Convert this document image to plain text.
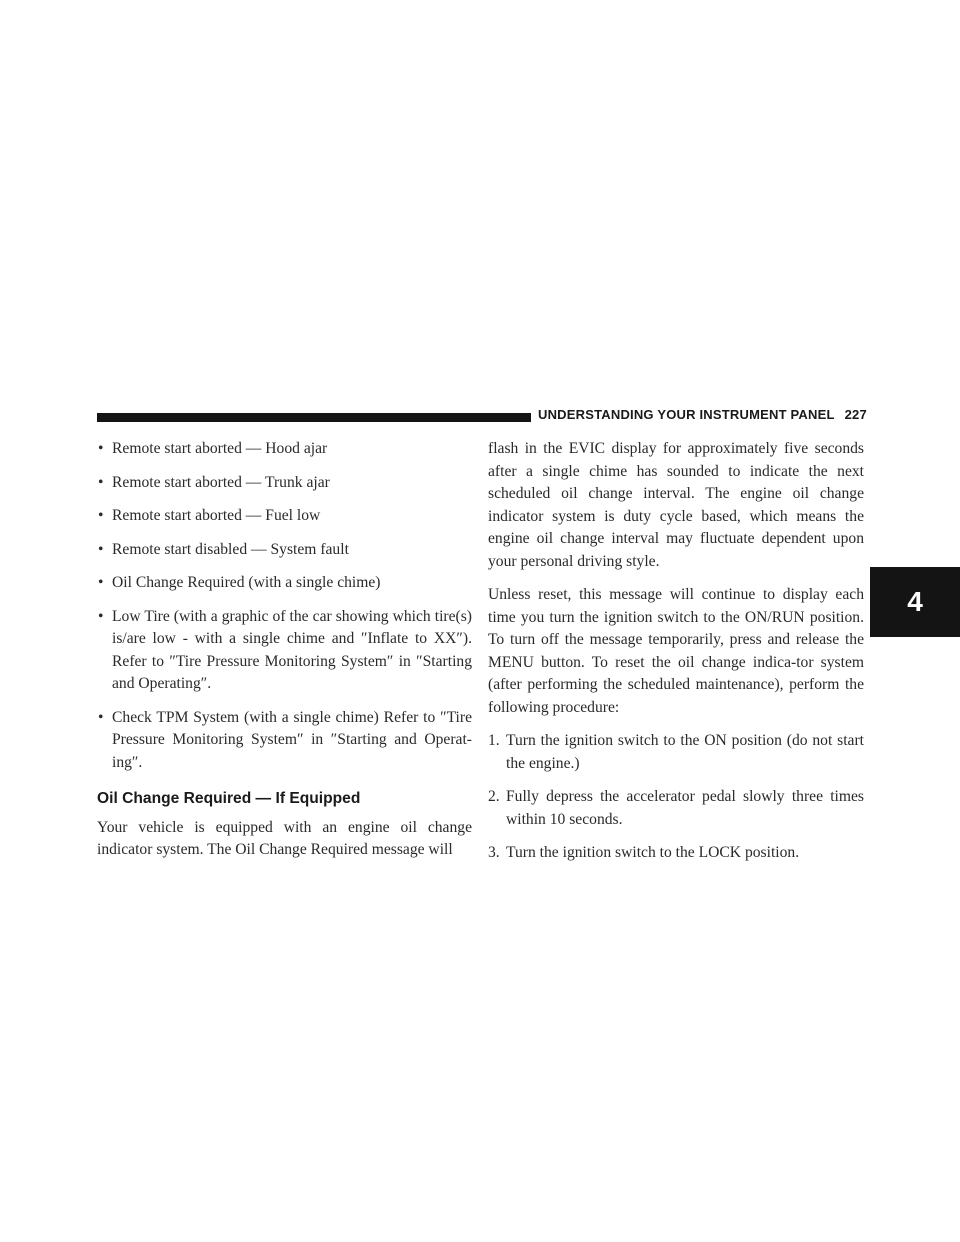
UNDERSTANDING YOUR INSTRUMENT PANEL 227
4
• Remote start aborted — Hood ajar
• Remote start aborted — Trunk ajar
• Remote start aborted — Fuel low
• Remote start disabled — System fault
• Oil Change Required (with a single chime)
• Low Tire (with a graphic of the car showing which tire(s) is/are low - with a single chime and ″Inflate to XX″). Refer to ″Tire Pressure Monitoring System″ in ″Starting and Operating″.
• Check TPM System (with a single chime) Refer to ″Tire Pressure Monitoring System″ in ″Starting and Operat-ing″.
Oil Change Required — If Equipped

Your vehicle is equipped with an engine oil change indicator system. The Oil Change Required message will

flash in the EVIC display for approximately five seconds after a single chime has sounded to indicate the next scheduled oil change interval. The engine oil change indicator system is duty cycle based, which means the engine oil change interval may fluctuate dependent upon your personal driving style.

Unless reset, this message will continue to display each time you turn the ignition switch to the ON/RUN position. To turn off the message temporarily, press and release the MENU button. To reset the oil change indica-tor system (after performing the scheduled maintenance), perform the following procedure:

1. Turn the ignition switch to the ON position (do not start the engine.)
2. Fully depress the accelerator pedal slowly three times within 10 seconds.
3. Turn the ignition switch to the LOCK position.
